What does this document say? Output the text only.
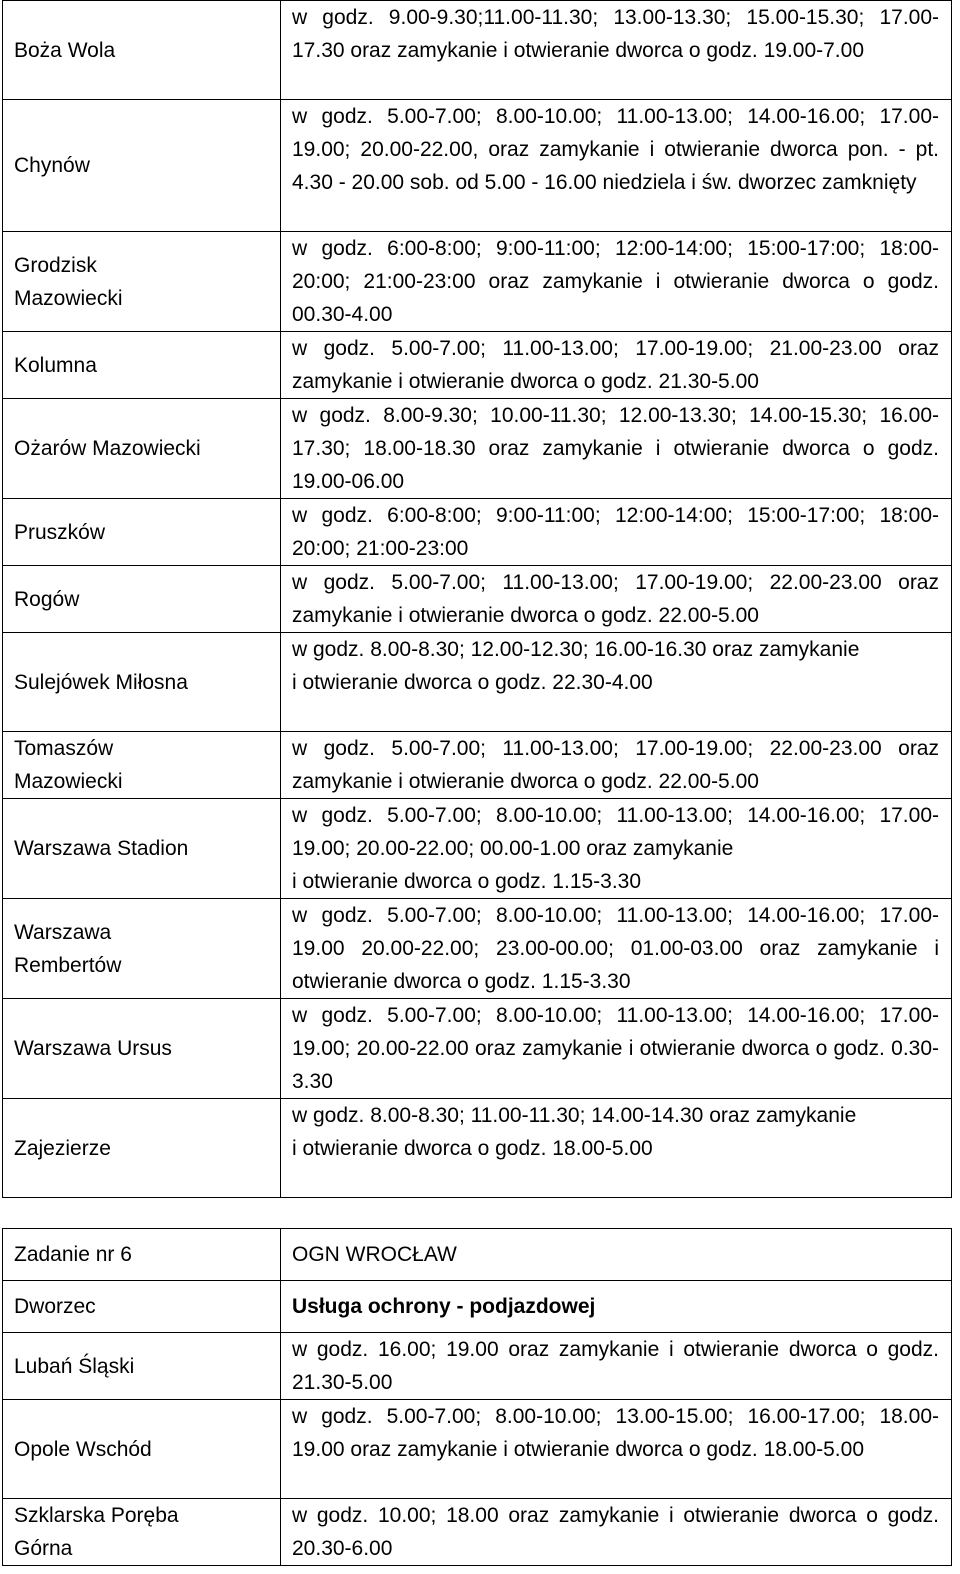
Boża Wola	w godz. 9.00-9.30;11.00-11.30; 13.00-13.30; 15.00-15.30; 17.00-17.30 oraz zamykanie i otwieranie dworca o godz. 19.00-7.00

Chynów	w godz. 5.00-7.00; 8.00-10.00; 11.00-13.00; 14.00-16.00; 17.00-19.00; 20.00-22.00, oraz zamykanie i otwieranie dworca pon. - pt. 4.30 - 20.00 sob. od 5.00 - 16.00 niedziela i św. dworzec zamknięty

Grodzisk
Mazowiecki	w godz. 6:00-8:00; 9:00-11:00; 12:00-14:00; 15:00-17:00; 18:00-20:00; 21:00-23:00 oraz zamykanie i otwieranie dworca o godz. 00.30-4.00

Kolumna	w godz. 5.00-7.00; 11.00-13.00; 17.00-19.00; 21.00-23.00 oraz zamykanie i otwieranie dworca o godz. 21.30-5.00

Ożarów Mazowiecki	w godz. 8.00-9.30; 10.00-11.30; 12.00-13.30; 14.00-15.30; 16.00-17.30; 18.00-18.30 oraz zamykanie i otwieranie dworca o godz. 19.00-06.00

Pruszków	w godz. 6:00-8:00; 9:00-11:00; 12:00-14:00; 15:00-17:00; 18:00-20:00; 21:00-23:00

Rogów	w godz. 5.00-7.00; 11.00-13.00; 17.00-19.00; 22.00-23.00 oraz zamykanie i otwieranie dworca o godz. 22.00-5.00

Sulejówek Miłosna	w godz. 8.00-8.30; 12.00-12.30; 16.00-16.30 oraz zamykanie
i otwieranie dworca o godz. 22.30-4.00

Tomaszów
Mazowiecki	w godz. 5.00-7.00; 11.00-13.00; 17.00-19.00; 22.00-23.00 oraz zamykanie i otwieranie dworca o godz. 22.00-5.00

Warszawa Stadion	w godz. 5.00-7.00; 8.00-10.00; 11.00-13.00; 14.00-16.00; 17.00-19.00; 20.00-22.00; 00.00-1.00 oraz zamykanie
i otwieranie dworca o godz. 1.15-3.30

Warszawa
Rembertów	w godz. 5.00-7.00; 8.00-10.00; 11.00-13.00; 14.00-16.00; 17.00-19.00 20.00-22.00; 23.00-00.00; 01.00-03.00 oraz zamykanie i otwieranie dworca o godz. 1.15-3.30

Warszawa Ursus	w godz. 5.00-7.00; 8.00-10.00; 11.00-13.00; 14.00-16.00; 17.00-19.00; 20.00-22.00 oraz zamykanie i otwieranie dworca o godz. 0.30-3.30

Zajezierze	w godz. 8.00-8.30; 11.00-11.30; 14.00-14.30 oraz zamykanie
i otwieranie dworca o godz. 18.00-5.00
Zadanie nr 6	OGN WROCŁAW
Dworzec	Usługa ochrony - podjazdowej

Lubań Śląski	w godz. 16.00; 19.00 oraz zamykanie i otwieranie dworca o godz. 21.30-5.00

Opole Wschód	w godz. 5.00-7.00; 8.00-10.00; 13.00-15.00; 16.00-17.00; 18.00-19.00 oraz zamykanie i otwieranie dworca o godz. 18.00-5.00

Szklarska Poręba
Górna	w godz. 10.00; 18.00 oraz zamykanie i otwieranie dworca o godz. 20.30-6.00
